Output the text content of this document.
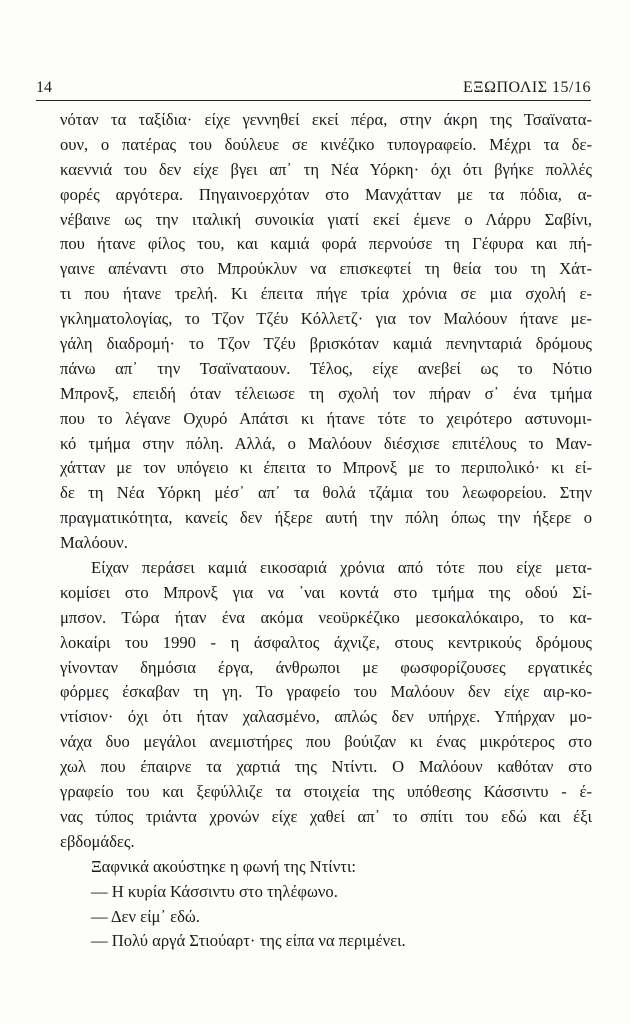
14	ΕΞΩΠΟΛΙΣ 15/16
νόταν τα ταξίδια· είχε γεννηθεί εκεί πέρα, στην άκρη της Τσαϊνατα-
ουν, ο πατέρας του δούλευε σε κινέζικο τυπογραφείο. Μέχρι τα δε-
καεννιά του δεν είχε βγει απ᾽ τη Νέα Υόρκη· όχι ότι βγήκε πολλές
φορές αργότερα. Πηγαινοερχόταν στο Μανχάτταν με τα πόδια, α-
νέβαινε ως την ιταλική συνοικία γιατί εκεί έμενε ο Λάρρυ Σαβίνι,
που ήτανε φίλος του, και καμιά φορά περνούσε τη Γέφυρα και πή-
γαινε απέναντι στο Μπρούκλυν να επισκεφτεί τη θεία του τη Χάτ-
τι που ήτανε τρελή. Κι έπειτα πήγε τρία χρόνια σε μια σχολή ε-
γκληματολογίας, το Τζον Τζέυ Κόλλετζ· για τον Μαλόουν ήτανε με-
γάλη διαδρομή· το Τζον Τζέυ βρισκόταν καμιά πενηνταριά δρόμους
πάνω απ᾽ την Τσαϊναταουν. Τέλος, είχε ανεβεί ως το Νότιο
Μπρονξ, επειδή όταν τέλειωσε τη σχολή τον πήραν σ᾽ ένα τμήμα
που το λέγανε Οχυρό Απάτσι κι ήτανε τότε το χειρότερο αστυνομι-
κό τμήμα στην πόλη. Αλλά, ο Μαλόουν διέσχισε επιτέλους το Μαν-
χάτταν με τον υπόγειο κι έπειτα το Μπρονξ με το περιπολικό· κι εί-
δε τη Νέα Υόρκη μέσ᾽ απ᾽ τα θολά τζάμια του λεωφορείου. Στην
πραγματικότητα, κανείς δεν ήξερε αυτή την πόλη όπως την ήξερε ο
Μαλόουν.
Είχαν περάσει καμιά εικοσαριά χρόνια από τότε που είχε μετα-
κομίσει στο Μπρονξ για να ᾽ναι κοντά στο τμήμα της οδού Σί-
μπσον. Τώρα ήταν ένα ακόμα νεοϋρκέζικο μεσοκαλόκαιρο, το κα-
λοκαίρι του 1990 - η άσφαλτος άχνιζε, στους κεντρικούς δρόμους
γίνονταν δημόσια έργα, άνθρωποι με φωσφορίζουσες εργατικές
φόρμες έσκαβαν τη γη. Το γραφείο του Μαλόουν δεν είχε αιρ-κο-
ντίσιον· όχι ότι ήταν χαλασμένο, απλώς δεν υπήρχε. Υπήρχαν μο-
νάχα δυο μεγάλοι ανεμιστήρες που βούιζαν κι ένας μικρότερος στο
χωλ που έπαιρνε τα χαρτιά της Ντίντι. Ο Μαλόουν καθόταν στο
γραφείο του και ξεφύλλιζε τα στοιχεία της υπόθεσης Κάσσιντυ - έ-
νας τύπος τριάντα χρονών είχε χαθεί απ᾽ το σπίτι του εδώ και έξι
εβδομάδες.
Ξαφνικά ακούστηκε η φωνή της Ντίντι:
— Η κυρία Κάσσιντυ στο τηλέφωνο.
— Δεν είμ᾽ εδώ.
— Πολύ αργά Στιούαρτ· της είπα να περιμένει.
